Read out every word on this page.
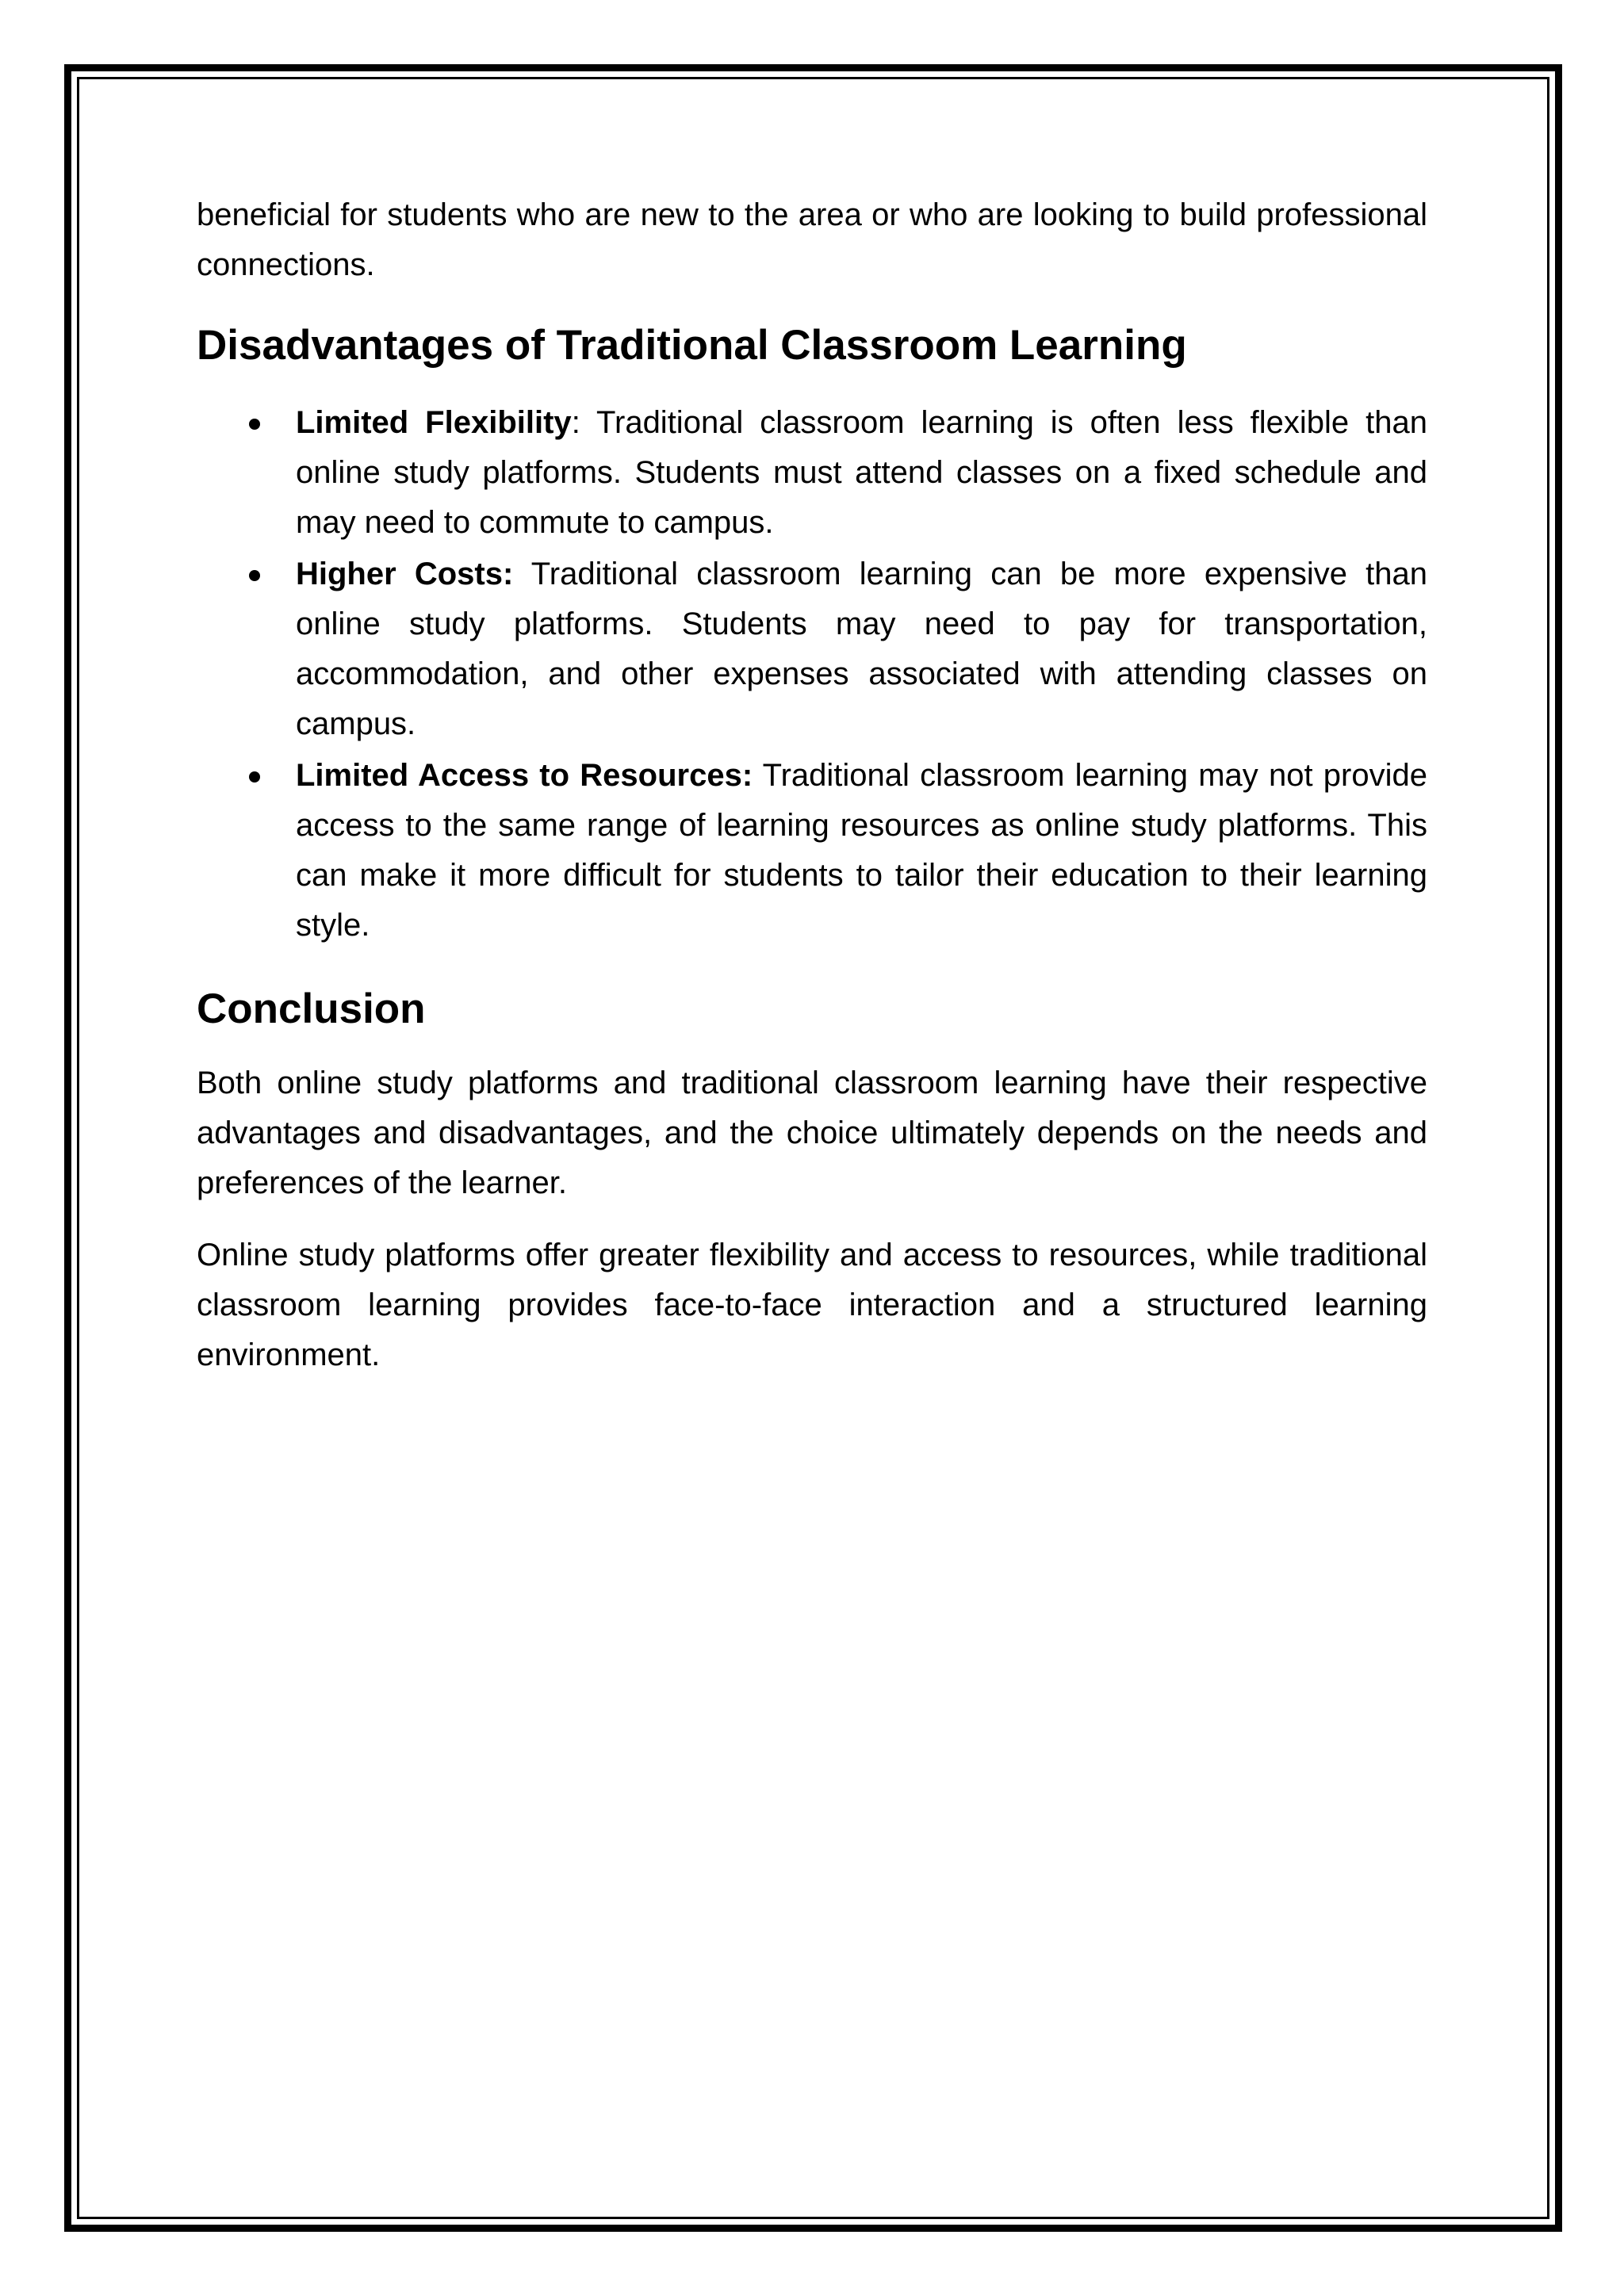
beneficial for students who are new to the area or who are looking to build professional connections.

Disadvantages of Traditional Classroom Learning
Limited Flexibility: Traditional classroom learning is often less flexible than online study platforms. Students must attend classes on a fixed schedule and may need to commute to campus.
Higher Costs: Traditional classroom learning can be more expensive than online study platforms. Students may need to pay for transportation, accommodation, and other expenses associated with attending classes on campus.
Limited Access to Resources: Traditional classroom learning may not provide access to the same range of learning resources as online study platforms. This can make it more difficult for students to tailor their education to their learning style.
Conclusion

Both online study platforms and traditional classroom learning have their respective advantages and disadvantages, and the choice ultimately depends on the needs and preferences of the learner.

Online study platforms offer greater flexibility and access to resources, while traditional classroom learning provides face-to-face interaction and a structured learning environment.
